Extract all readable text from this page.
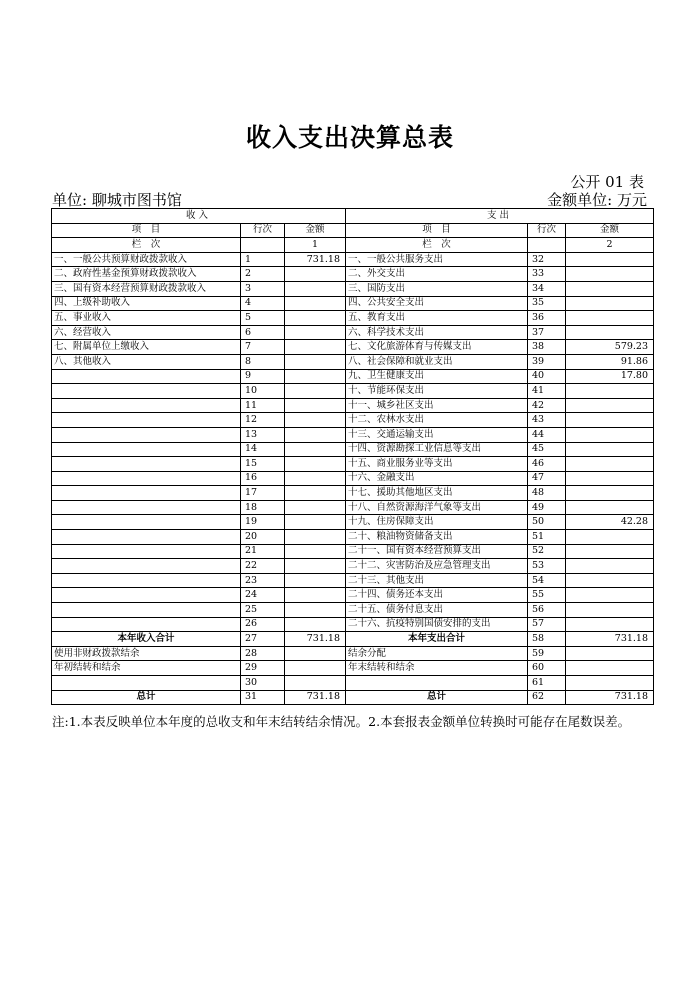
收入支出决算总表
公开 01 表
单位: 聊城市图书馆	金额单位: 万元
收入			支出		
项　目	行次	金额	项　目	行次	金额
栏　次		1	栏　次		2
一、一般公共预算财政拨款收入	1	731.18	一、一般公共服务支出	32	
二、政府性基金预算财政拨款收入	2		二、外交支出	33	
三、国有资本经营预算财政拨款收入	3		三、国防支出	34	
四、上级补助收入	4		四、公共安全支出	35	
五、事业收入	5		五、教育支出	36	
六、经营收入	6		六、科学技术支出	37	
七、附属单位上缴收入	7		七、文化旅游体育与传媒支出	38	579.23
八、其他收入	8		八、社会保障和就业支出	39	91.86
	9		九、卫生健康支出	40	17.80
	10		十、节能环保支出	41	
	11		十一、城乡社区支出	42	
	12		十二、农林水支出	43	
	13		十三、交通运输支出	44	
	14		十四、资源勘探工业信息等支出	45	
	15		十五、商业服务业等支出	46	
	16		十六、金融支出	47	
	17		十七、援助其他地区支出	48	
	18		十八、自然资源海洋气象等支出	49	
	19		十九、住房保障支出	50	42.28
	20		二十、粮油物资储备支出	51	
	21		二十一、国有资本经营预算支出	52	
	22		二十二、灾害防治及应急管理支出	53	
	23		二十三、其他支出	54	
	24		二十四、债务还本支出	55	
	25		二十五、债务付息支出	56	
	26		二十六、抗疫特别国债安排的支出	57	
本年收入合计	27	731.18	本年支出合计	58	731.18
使用非财政拨款结余	28		结余分配	59	
年初结转和结余	29		年末结转和结余	60	
	30			61	
总计	31	731.18	总计	62	731.18
注:1.本表反映单位本年度的总收支和年末结转结余情况。2.本套报表金额单位转换时可能存在尾数误差。
